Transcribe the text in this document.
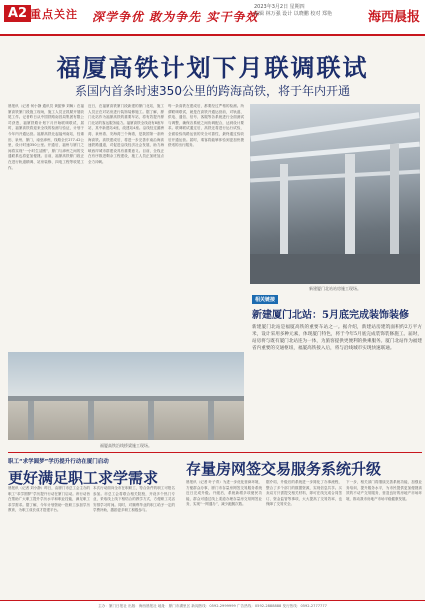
A2 重点关注 深学争优 敢为争先 实干争效
2023年3月2日 星期四
编辑 林万强 设计 以晓鹏 校对 郑艳	海西晨报
福厦高铁计划下月联调联试
系国内首条时速350公里的跨海高铁，将于年内开通
晨报讯（记者 何小静 通讯员 黄振锋 刘畅）在福厦高铁厦门段施工现场，施工人员正抓紧开展收尾工作。记者昨日从中国铁路南昌局集团有限公司获悉，福厦铁路计划下月开始联调联试，届时，福厦高铁将迎来全线的检测与验证，计划于今年内开通运营。福厦高铁北起福州南站，经莆田、泉州、厦门，南至漳州，线路全长277.42公里，设计时速350公里。开通后，福州与厦门之间将实现“一小时生活圈”，厦门与漳州之间的交通联系也将更加便捷。目前，福厦高铁厦门段正在进行轨道精调、站房装修、四电工程等收尾工作。
近日，在福厦高铁厦门段新建的厦门北站，施工人员正在对站房进行装饰装修施工。据了解，厦门北站作为福厦高铁的重要车站，将有效提升厦门北站的客运服务能力。福厦高铁全线设有8座车站，其中新建站4座，改建站4座。沿线经过湄洲湾、泉州湾、安海湾三个海湾，是我国第一条跨海高铁。高铁建成后，将进一步完善东南沿海高速铁路通道，对促进沿线经济社会发展、助力海峡西岸城市群建设具有重要意义。目前，全线正在有序推进剩余工程建设，施工人员正加班加点全力冲刺。
每一条高铁在建成后，都要经过严格的检测。所谓联调联试，就是在高铁开通运营前，对轨道、供电、通信、信号、客服等各系统进行全面测试与调整，确保各系统之间协调配合，达到设计要求。联调联试通过后，高铁还将进行运行试验，全面检验线路运营的安全可靠性，最终通过验收后开通运营。届时，乘客将能够体验到更加快捷舒适的出行服务。
新建厦门北站站房施工现场。
福厦高铁沿线桥梁施工现场。
相关链接
新建厦门北站：5月底完成装饰装修
新建厦门北站是福厦高铁的重要车站之一。据介绍，新建站房建筑面积约2万平方米，设计采用多种元素，体现厦门特色，将于今年5月底完成装饰装修施工。届时，站房将与既有厦门北站连为一体，为旅客提供更便利的换乘服务。厦门北站作为福建省内重要的交通枢纽，福厦高铁接入后，将与沿线城市实现快速联通。
职工“求学圆梦”学历提升行动在厦门启动
更好满足职工求学需求
晨报讯（记者 刘小静）昨日，由厦门市总工会主办的职工“求学圆梦”学历提升行动在厦门启动。该行动旨在帮助广大职工提升学历水平和职业技能，满足职工求学需求。据了解，今年计划资助一批职工参加学历教育，为职工成长成才搭建平台。
本次行动面向全市在职职工，符合条件的职工可报名参加。市总工会将联合相关院校，开设多个热门专业，采取线上线下相结合的教学方式，方便职工灵活安排学习时间。同时，对顺利毕业的职工给予一定的学费补助，激励更多职工积极参与。
存量房网签交易服务系统升级
晨报讯（记者 叶子青）为进一步优化营商环境，方便群众办事，厦门市存量房网签交易服务系统近日完成升级。升级后，系统新增多项便民功能，群众可通过线上渠道办理存量房交易网签业务，实现“一网通办”，减少跑腿次数。
据介绍，升级后的系统进一步简化了办事流程，整合了多个部门的数据资源，实现信息共享。买卖双方只需提交相关材料，即可在线完成合同签订、资金监管等事项，大大提高了交易效率，也保障了交易安全。
下一步，相关部门将继续完善系统功能，加强业务培训，提升服务水平，为市民提供更加便捷高效的不动产交易服务，营造良好的房地产市场环境，推动我市房地产市场平稳健康发展。
主办：厦门日报社 出版：海西晨报社 地址：厦门市湖里区 新闻热线：0592-2999999 广告热线：0592-2888888 发行热线：0592-2777777
